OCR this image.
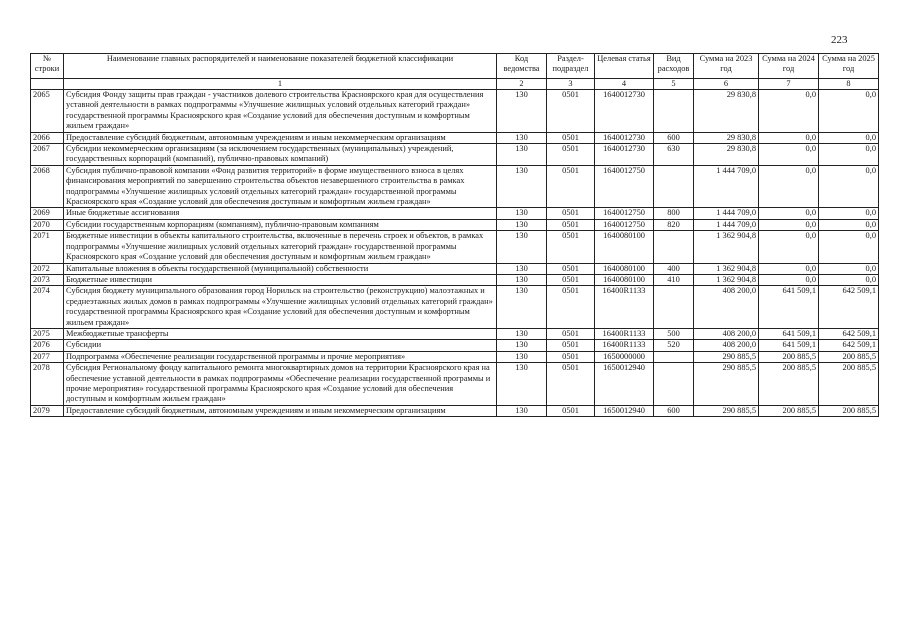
223
№ строки	Наименование главных распорядителей и наименование показателей бюджетной классификации	Код ведомства	Раздел-подраздел	Целевая статья	Вид расходов	Сумма на 2023 год	Сумма на 2024 год	Сумма на 2025 год
	1	2	3	4	5	6	7	8
2065	Субсидия Фонду защиты прав граждан - участников долевого строительства Красноярского края для осуществления уставной деятельности в рамках подпрограммы «Улучшение жилищных условий отдельных категорий граждан» государственной программы Красноярского края «Создание условий для обеспечения доступным и комфортным жильем граждан»	130	0501	1640012730		29 830,8	0,0	0,0
2066	Предоставление субсидий бюджетным, автономным учреждениям и иным некоммерческим организациям	130	0501	1640012730	600	29 830,8	0,0	0,0
2067	Субсидии некоммерческим организациям (за исключением государственных (муниципальных) учреждений, государственных корпораций (компаний), публично-правовых компаний)	130	0501	1640012730	630	29 830,8	0,0	0,0
2068	Субсидия публично-правовой компании «Фонд развития территорий» в форме имущественного взноса в целях финансирования мероприятий по завершению строительства объектов незавершенного строительства в рамках подпрограммы «Улучшение жилищных условий отдельных категорий граждан» государственной программы Красноярского края «Создание условий для обеспечения доступным и комфортным жильем граждан»	130	0501	1640012750		1 444 709,0	0,0	0,0
2069	Иные бюджетные ассигнования	130	0501	1640012750	800	1 444 709,0	0,0	0,0
2070	Субсидии государственным корпорациям (компаниям), публично-правовым компаниям	130	0501	1640012750	820	1 444 709,0	0,0	0,0
2071	Бюджетные инвестиции в объекты капитального строительства, включенные в перечень строек и объектов, в рамках подпрограммы «Улучшение жилищных условий отдельных категорий граждан» государственной программы Красноярского края «Создание условий для обеспечения доступным и комфортным жильем граждан»	130	0501	1640080100		1 362 904,8	0,0	0,0
2072	Капитальные вложения в объекты государственной (муниципальной) собственности	130	0501	1640080100	400	1 362 904,8	0,0	0,0
2073	Бюджетные инвестиции	130	0501	1640080100	410	1 362 904,8	0,0	0,0
2074	Субсидия бюджету муниципального образования город Норильск на строительство (реконструкцию) малоэтажных и среднеэтажных жилых домов в рамках подпрограммы «Улучшение жилищных условий отдельных категорий граждан» государственной программы Красноярского края «Создание условий для обеспечения доступным и комфортным жильем граждан»	130	0501	16400R1133		408 200,0	641 509,1	642 509,1
2075	Межбюджетные трансферты	130	0501	16400R1133	500	408 200,0	641 509,1	642 509,1
2076	Субсидии	130	0501	16400R1133	520	408 200,0	641 509,1	642 509,1
2077	Подпрограмма «Обеспечение реализации государственной программы и прочие мероприятия»	130	0501	1650000000		290 885,5	200 885,5	200 885,5
2078	Субсидия Региональному фонду капитального ремонта многоквартирных домов на территории Красноярского края на обеспечение уставной деятельности в рамках подпрограммы «Обеспечение реализации государственной программы и прочие мероприятия» государственной программы Красноярского края «Создание условий для обеспечения доступным и комфортным жильем граждан»	130	0501	1650012940		290 885,5	200 885,5	200 885,5
2079	Предоставление субсидий бюджетным, автономным учреждениям и иным некоммерческим организациям	130	0501	1650012940	600	290 885,5	200 885,5	200 885,5
